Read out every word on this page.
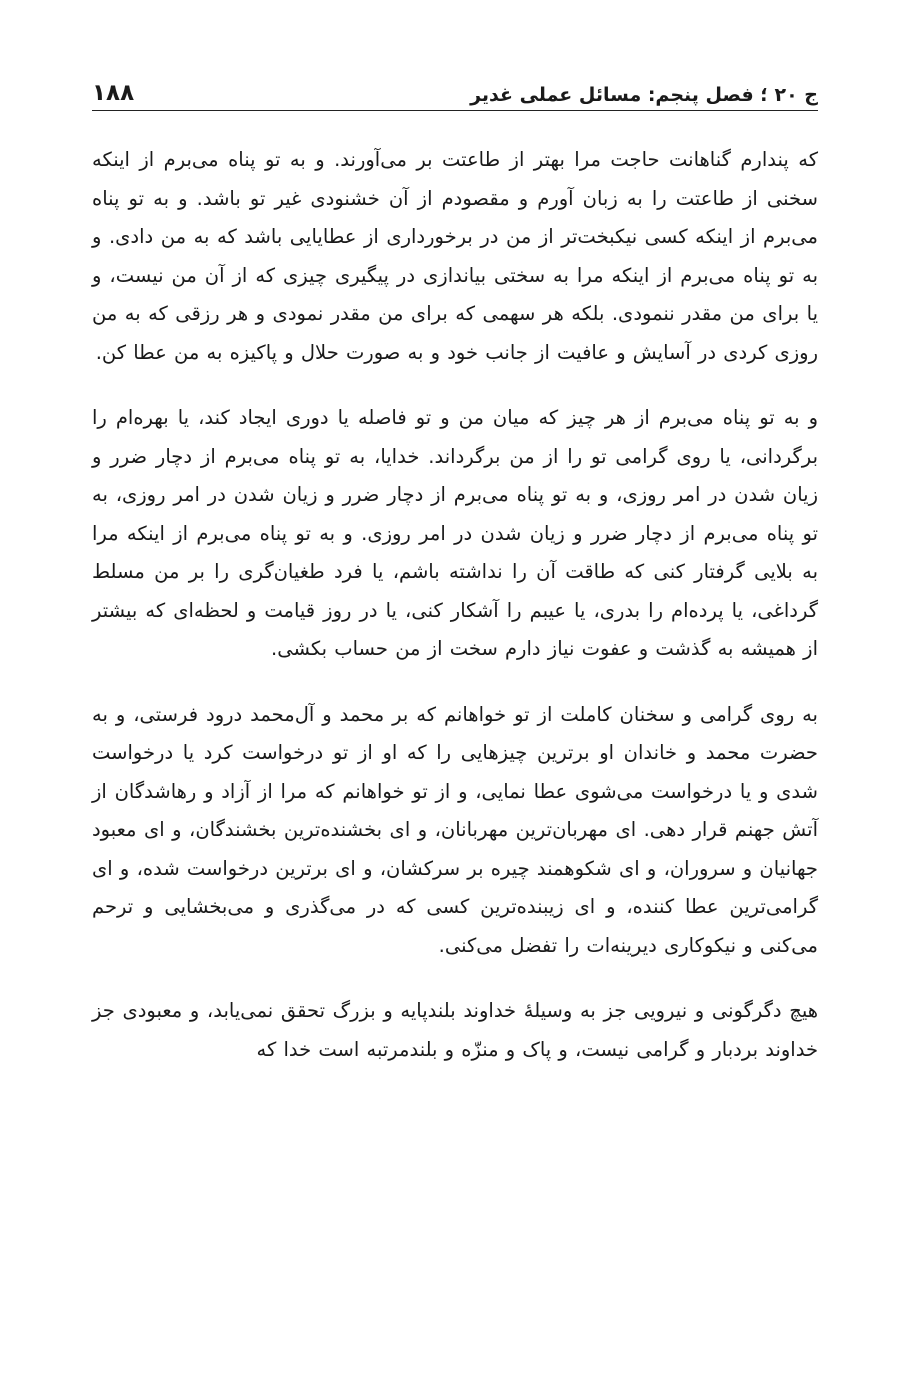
ج ۲۰ ؛ فصل پنجم: مسائل عملی غدیر
۱۸۸

که پندارم گناهانت حاجت مرا بهتر از طاعتت بر می‌آورند. و به تو پناه می‌برم از اینکه سخنی از طاعتت را به زبان آورم و مقصودم از آن خشنودی غیر تو باشد. و به تو پناه می‌برم از اینکه کسی نیکبخت‌تر از من در برخورداری از عطایایی باشد که به من دادی. و به تو پناه می‌برم از اینکه مرا به سختی بیاندازی در پیگیری چیزی که از آن من نیست، و یا برای من مقدر ننمودی. بلکه هر سهمی که برای من مقدر نمودی و هر رزقی که به من روزی کردی در آسایش و عافیت از جانب خود و به صورت حلال و پاکیزه به من عطا کن.

و به تو پناه می‌برم از هر چیز که میان من و تو فاصله یا دوری ایجاد کند، یا بهره‌ام را برگردانی، یا روی گرامی تو را از من برگرداند. خدایا، به تو پناه می‌برم از دچار ضرر و زیان شدن در امر روزی، و به تو پناه می‌برم از دچار ضرر و زیان شدن در امر روزی، به تو پناه می‌برم از دچار ضرر و زیان شدن در امر روزی. و به تو پناه می‌برم از اینکه مرا به بلایی گرفتار کنی که طاقت آن را نداشته باشم، یا فرد طغیان‌گری را بر من مسلط گرداغی، یا پرده‌ام را بدری، یا عیبم را آشکار کنی، یا در روز قیامت و لحظه‌ای که بیشتر از همیشه به گذشت و عفوت نیاز دارم سخت از من حساب بکشی.

به روی گرامی و سخنان کاملت از تو خواهانم که بر محمد و آل‌محمد درود فرستی، و به حضرت محمد و خاندان او برترین چیزهایی را که او از تو درخواست کرد یا درخواست شدی و یا درخواست می‌شوی عطا نمایی، و از تو خواهانم که مرا از آزاد و رهاشدگان از آتش جهنم قرار دهی. ای مهربان‌ترین مهربانان، و ای بخشنده‌ترین بخشندگان، و ای معبود جهانیان و سروران، و ای شکوهمند چیره بر سرکشان، و ای برترین درخواست شده، و ای گرامی‌ترین عطا کننده، و ای زیبنده‌ترین کسی که در می‌گذری و می‌بخشایی و ترحم می‌کنی و نیکوکاری دیرینه‌ات را تفضل می‌کنی.

هیچ دگرگونی و نیرویی جز به وسیلهٔ خداوند بلندپایه و بزرگ تحقق نمی‌یابد، و معبودی جز خداوند بردبار و گرامی نیست، و پاک و منزّه و بلندمرتبه است خدا که
